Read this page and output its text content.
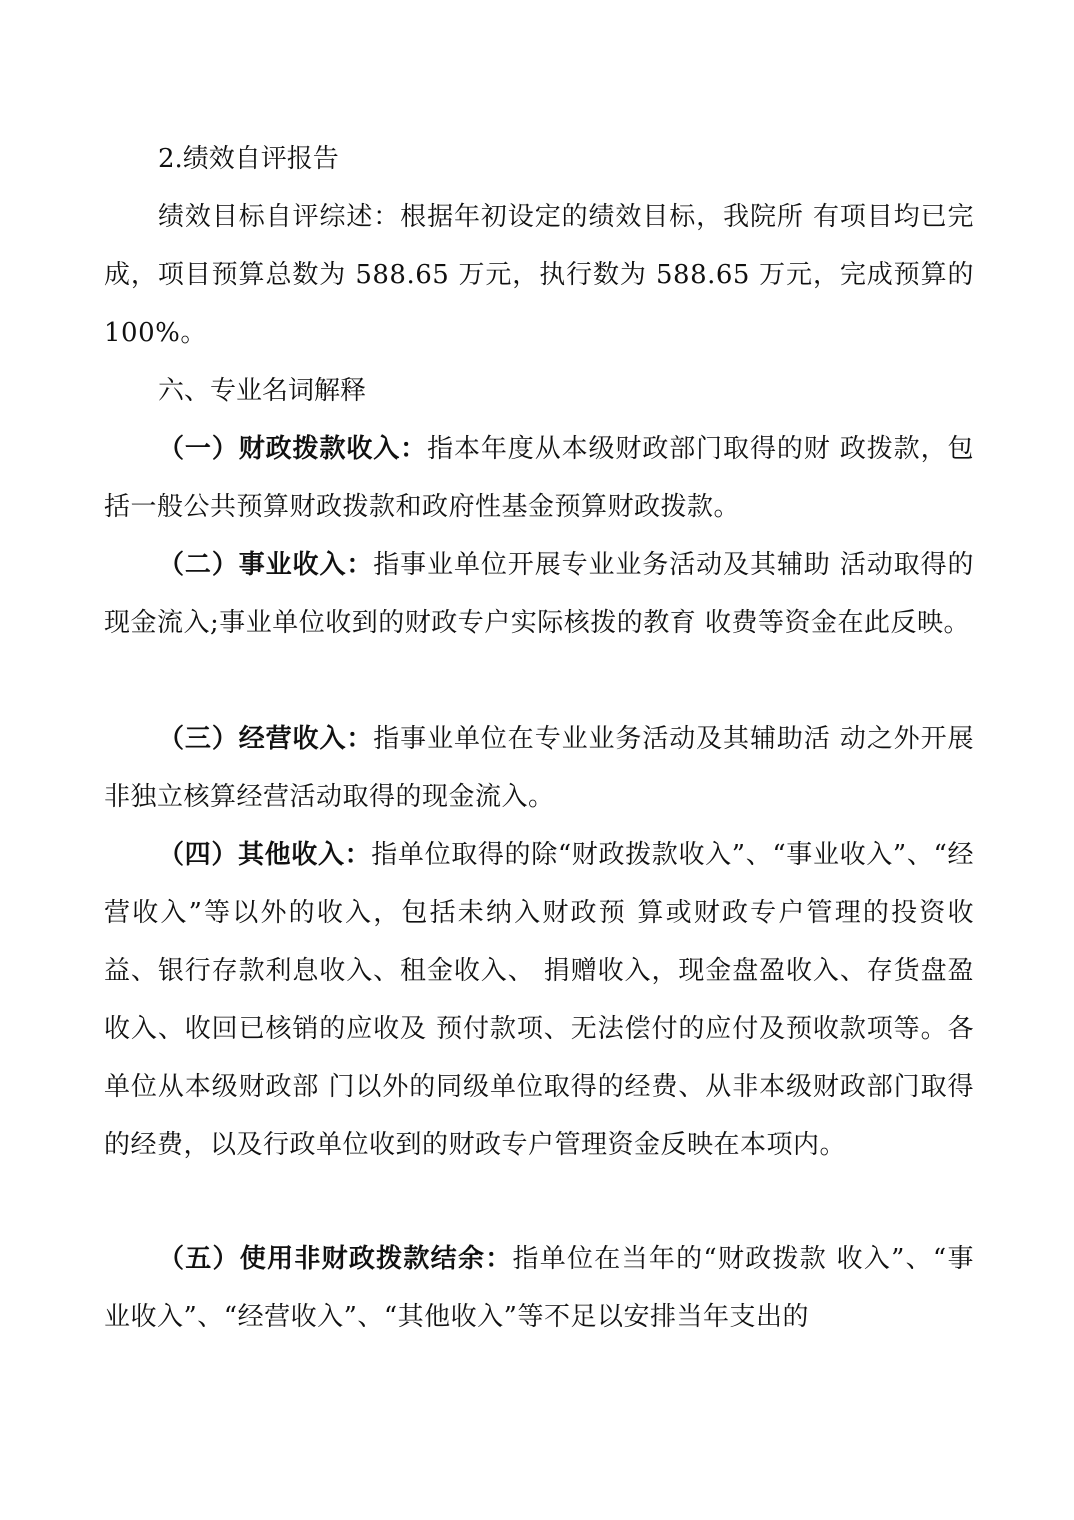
2.绩效自评报告

绩效目标自评综述：根据年初设定的绩效目标，我院所 有项目均已完成，项目预算总数为 588.65 万元，执行数为 588.65 万元，完成预算的 100%。

六、专业名词解释

（一）财政拨款收入：指本年度从本级财政部门取得的财 政拨款，包括一般公共预算财政拨款和政府性基金预算财政拨款。

（二）事业收入：指事业单位开展专业业务活动及其辅助 活动取得的现金流入;事业单位收到的财政专户实际核拨的教育 收费等资金在此反映。

（三）经营收入：指事业单位在专业业务活动及其辅助活 动之外开展非独立核算经营活动取得的现金流入。

（四）其他收入：指单位取得的除“财政拨款收入”、“事业收入”、“经营收入”等以外的收入，包括未纳入财政预 算或财政专户管理的投资收益、银行存款利息收入、租金收入、 捐赠收入，现金盘盈收入、存货盘盈收入、收回已核销的应收及 预付款项、无法偿付的应付及预收款项等。各单位从本级财政部 门以外的同级单位取得的经费、从非本级财政部门取得的经费，以及行政单位收到的财政专户管理资金反映在本项内。

（五）使用非财政拨款结余：指单位在当年的“财政拨款 收入”、“事业收入”、“经营收入”、“其他收入”等不足以安排当年支出的
